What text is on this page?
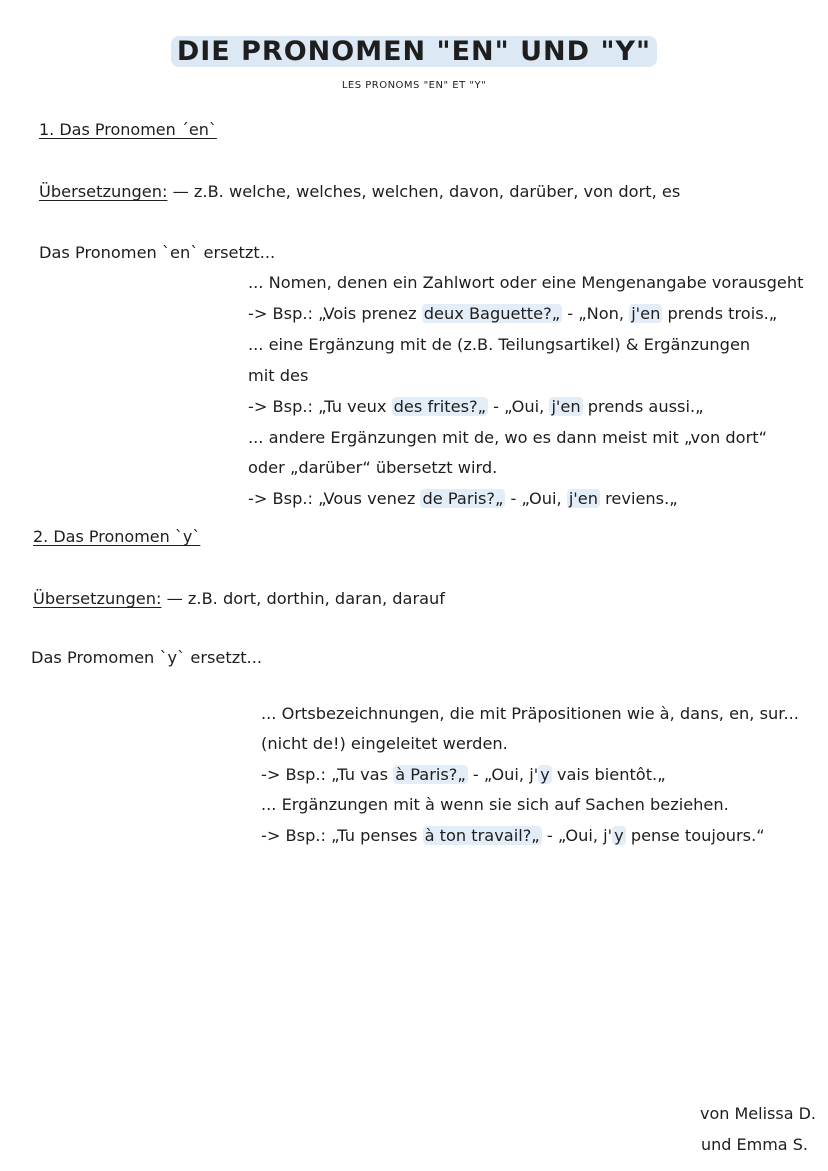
DIE PRONOMEN "EN" UND "Y"
LES PRONOMS "EN" ET "Y"
1. Das Pronomen ´en`
Übersetzungen: — z.B. welche, welches, welchen, davon, darüber, von dort, es
Das Pronomen `en` ersetzt...
... Nomen, denen ein Zahlwort oder eine Mengenangabe vorausgeht
-> Bsp.: „Vois prenez deux Baguette?„ - „Non, j'en prends trois.„
... eine Ergänzung mit de (z.B. Teilungsartikel) & Ergänzungen
mit des
-> Bsp.: „Tu veux des frites?„ - „Oui, j'en prends aussi.„
... andere Ergänzungen mit de, wo es dann meist mit „von dort“
oder „darüber“ übersetzt wird.
-> Bsp.: „Vous venez de Paris?„ - „Oui, j'en reviens.„
2. Das Pronomen `y`
Übersetzungen: — z.B. dort, dorthin, daran, darauf
Das Promomen `y` ersetzt...
... Ortsbezeichnungen, die mit Präpositionen wie à, dans, en, sur...
(nicht de!) eingeleitet werden.
-> Bsp.: „Tu vas à Paris?„ - „Oui, j' y vais bientôt.„
... Ergänzungen mit à wenn sie sich auf Sachen beziehen.
-> Bsp.: „Tu penses à ton travail?„ - „Oui, j' y pense toujours.“
von Melissa D.
und Emma S.
